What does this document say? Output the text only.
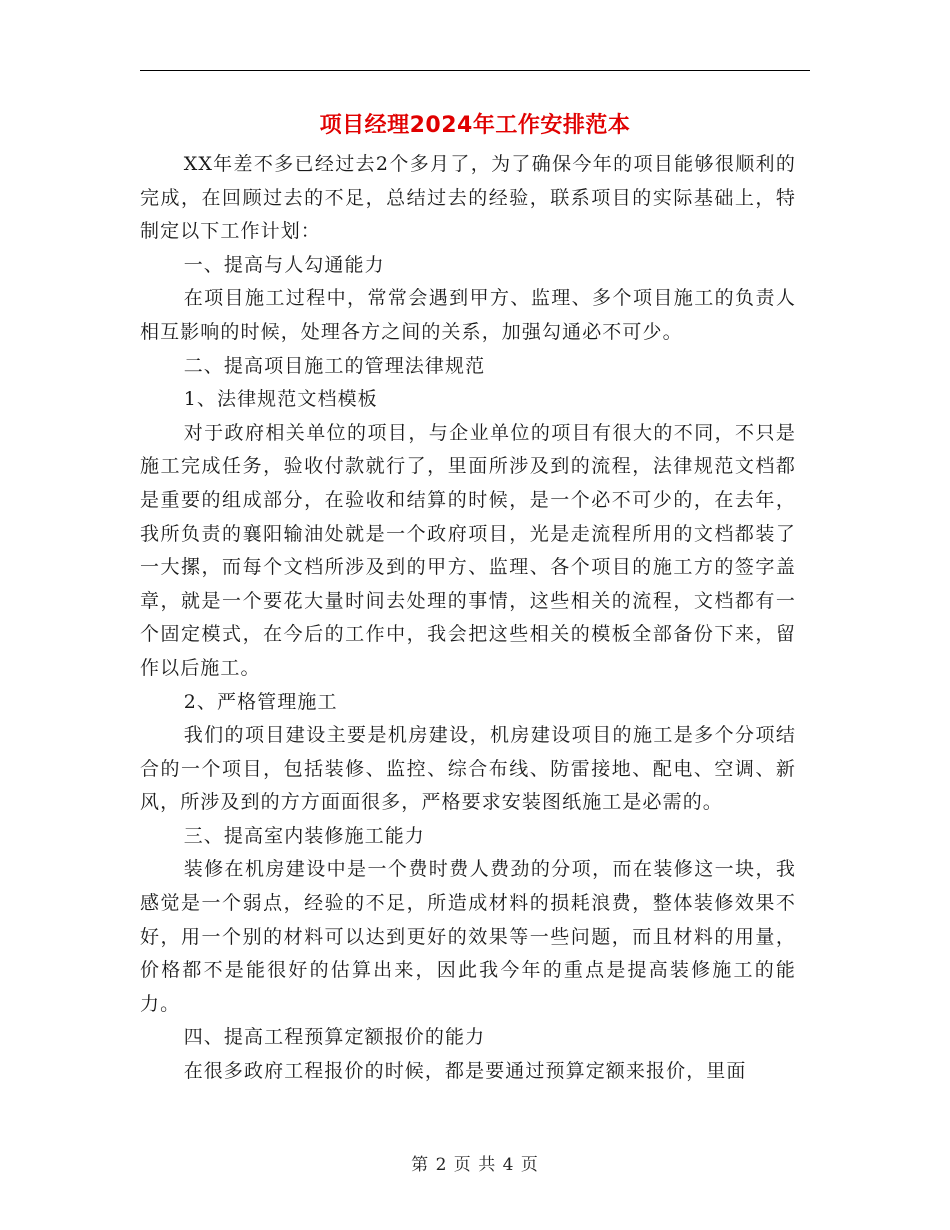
项目经理2024年工作安排范本

XX年差不多已经过去2个多月了，为了确保今年的项目能够很顺利的完成，在回顾过去的不足，总结过去的经验，联系项目的实际基础上，特制定以下工作计划：

一、提高与人勾通能力

在项目施工过程中，常常会遇到甲方、监理、多个项目施工的负责人相互影响的时候，处理各方之间的关系，加强勾通必不可少。

二、提高项目施工的管理法律规范

1、法律规范文档模板

对于政府相关单位的项目，与企业单位的项目有很大的不同，不只是施工完成任务，验收付款就行了，里面所涉及到的流程，法律规范文档都是重要的组成部分，在验收和结算的时候，是一个必不可少的，在去年，我所负责的襄阳输油处就是一个政府项目，光是走流程所用的文档都装了一大摞，而每个文档所涉及到的甲方、监理、各个项目的施工方的签字盖章，就是一个要花大量时间去处理的事情，这些相关的流程，文档都有一个固定模式，在今后的工作中，我会把这些相关的模板全部备份下来，留作以后施工。

2、严格管理施工

我们的项目建设主要是机房建设，机房建设项目的施工是多个分项结合的一个项目，包括装修、监控、综合布线、防雷接地、配电、空调、新风，所涉及到的方方面面很多，严格要求安装图纸施工是必需的。

三、提高室内装修施工能力

装修在机房建设中是一个费时费人费劲的分项，而在装修这一块，我感觉是一个弱点，经验的不足，所造成材料的损耗浪费，整体装修效果不好，用一个别的材料可以达到更好的效果等一些问题，而且材料的用量，价格都不是能很好的估算出来，因此我今年的重点是提高装修施工的能力。

四、提高工程预算定额报价的能力

在很多政府工程报价的时候，都是要通过预算定额来报价，里面

第 2 页 共 4 页
